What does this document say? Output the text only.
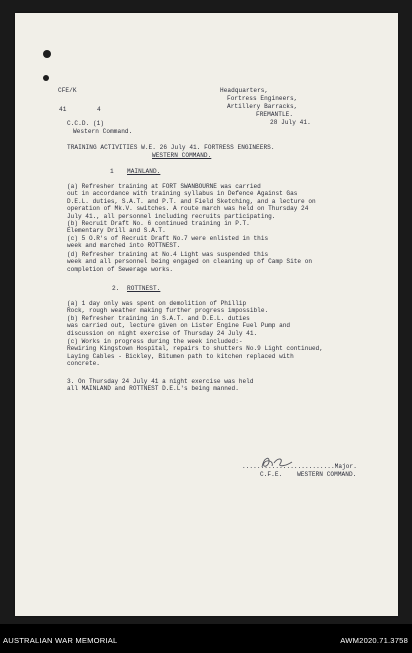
CFE/K
41	4
Headquarters,
Fortress Engineers,
Artillery Barracks,
FREMANTLE.
28 July 41.
C.C.D. (1)
Western Command.
TRAINING ACTIVITIES W.E. 26 July 41. FORTRESS ENGINEERS.
WESTERN COMMAND.
1 MAINLAND.
(a) Refresher training at FORT SWANBOURNE was carried
out in accordance with training syllabus in Defence Against Gas
D.E.L. duties, S.A.T. and P.T. and Field Sketching, and a lecture on
operation of Mk.V. switches. A route march was held on Thursday 24
July 41., all personnel including recruits participating.
(b) Recruit Draft No. 6 continued training in P.T.
Elementary Drill and S.A.T.
(c) 5 O.R's of Recruit Draft No.7 were enlisted in this
week and marched into ROTTNEST.
(d) Refresher training at No.4 Light was suspended this
week and all personnel being engaged on cleaning up of Camp Site on
completion of Sewerage works.
2. ROTTNEST.
(a) 1 day only was spent on demolition of Phillip
Rock, rough weather making further progress impossible.
(b) Refresher training in S.A.T. and D.E.L. duties
was carried out, lecture given on Lister Engine Fuel Pump and
discussion on night exercise of Thursday 24 July 41.
(c) Works in progress during the week included:-
Rewiring Kingstown Hospital, repairs to shutters No.9 Light continued,
Laying Cables - Bickley, Bitumen path to kitchen replaced with
concrete.
3. On Thursday 24 July 41 a night exercise was held
all MAINLAND and ROTTNEST D.E.L's being manned.
.........................Major.
C.F.E.    WESTERN COMMAND.
AUSTRALIAN WAR MEMORIAL	AWM2020.71.3758
